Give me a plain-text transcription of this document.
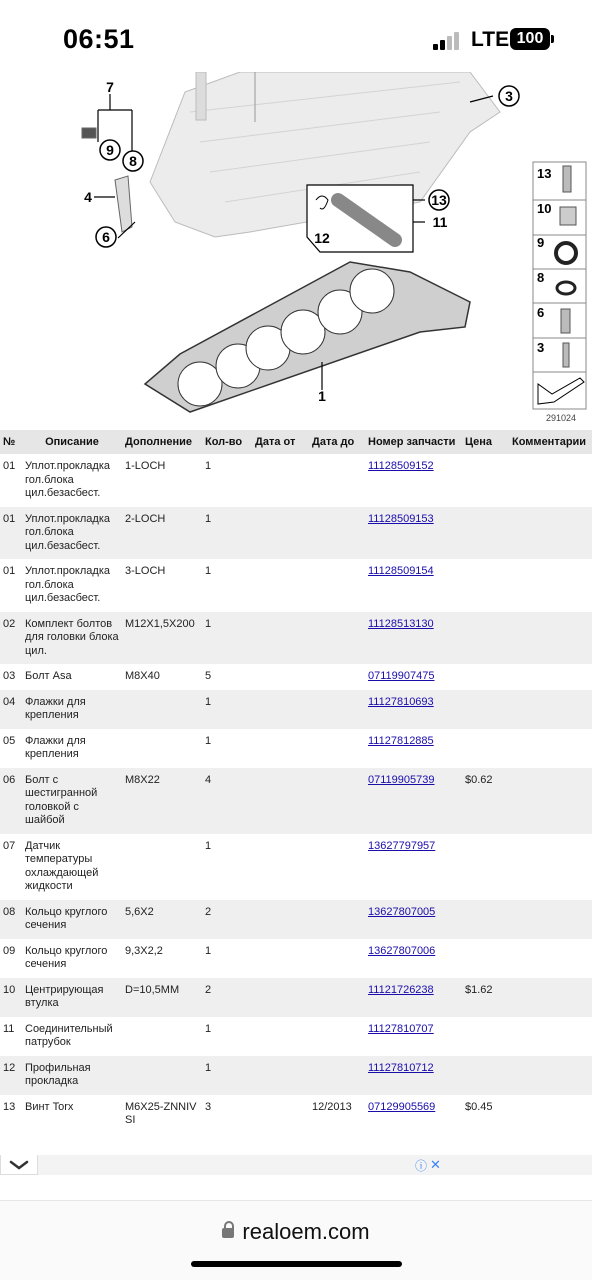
06:51	LTE 100
7
9
8
4
6
3
13
11
12
1
13
10
9
8
6
3
291024
№	Описание	Дополнение	Кол-во	Дата от	Дата до	Номер запчасти	Цена	Комментарии
01	Уплот.прокладка гол.блока цил.безасбест.	1-LOCH	1			11128509152		
01	Уплот.прокладка гол.блока цил.безасбест.	2-LOCH	1			11128509153		
01	Уплот.прокладка гол.блока цил.безасбест.	3-LOCH	1			11128509154		
02	Комплект болтов для головки блока цил.	M12X1,5X200	1			11128513130		
03	Болт Asa	M8X40	5			07119907475		
04	Флажки для крепления		1			11127810693		
05	Флажки для крепления		1			11127812885		
06	Болт с шестигранной головкой с шайбой	M8X22	4			07119905739	$0.62	
07	Датчик температуры охлаждающей жидкости		1			13627797957		
08	Кольцо круглого сечения	5,6X2	2			13627807005		
09	Кольцо круглого сечения	9,3X2,2	1			13627807006		
10	Центрирующая втулка	D=10,5MM	2			11121726238	$1.62	
11	Соединительный патрубок		1			11127810707		
12	Профильная прокладка		1			11127810712		
13	Винт Torx	M6X25-ZNNIV SI	3		12/2013	07129905569	$0.45	
ⓘ ✕
realoem.com
